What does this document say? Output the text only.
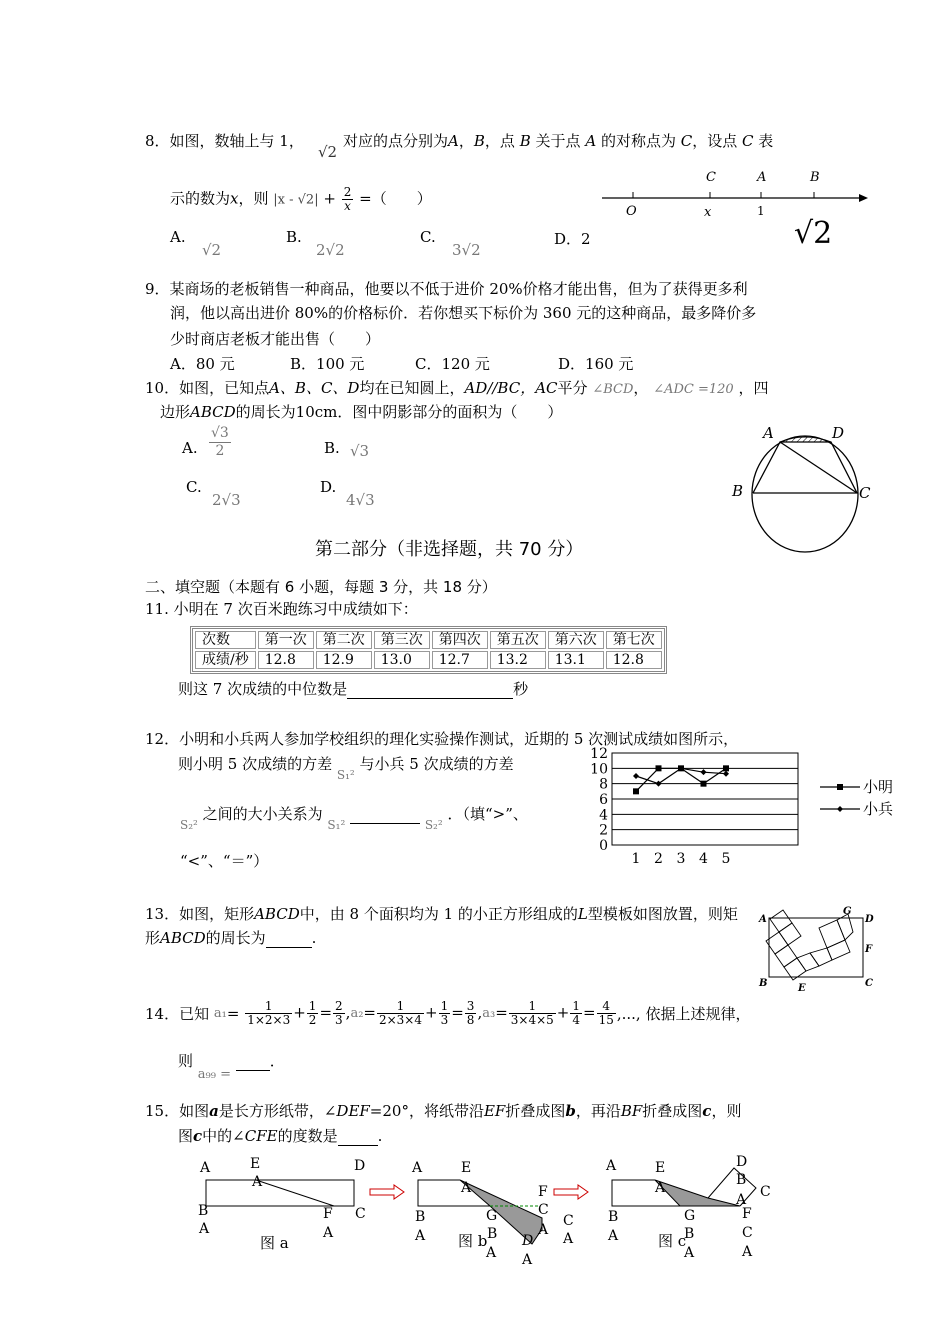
8．如图，数轴上与 1，
√2
对应的点分别为A，B，点 B 关于点 A 的对称点为 C，设点 C 表
示的数为x，则 $|x - √2| + \frac{2}{x}$ =（　　）
C	A	B
O	x	1
√2
A.
√2
B.
2√2
C.
3√2
D．2
9．某商场的老板销售一种商品，他要以不低于进价 20%价格才能出售，但为了获得更多利
润，他以高出进价 80%的价格标价．若你想买下标价为 360 元的这种商品，最多降价多
少时商店老板才能出售（　　）
A．80 元	B．100 元	C．120 元	D．160 元
10．如图，已知点A、B、C、D均在已知圆上，AD//BC，AC平分 ∠BCD， ∠ADC =120 ，四
边形ABCD的周长为10cm．图中阴影部分的面积为（　　）
A. $\frac{√3}{2}$	B. √3
C.
2√3
D.
4√3
A	D
B	C
第二部分（非选择题，共 70 分）
二、填空题（本题有 6 小题，每题 3 分，共 18 分）
11. 小明在 7 次百米跑练习中成绩如下：
次数	第一次	第二次	第三次	第四次	第五次	第六次	第七次
成绩/秒	12.8	12.9	13.0	12.7	13.2	13.1	12.8
则这 7 次成绩的中位数是	秒
12．小明和小兵两人参加学校组织的理化实验操作测试，近期的 5 次测试成绩如图所示，
则小明 5 次成绩的方差 $_{S_1^2}$ 与小兵 5 次成绩的方差
$_{S_2^2}$ 之间的大小关系为 $_{S_1^2}$	$_{S_2^2}$ ．（填“>”、
“<”、“＝”）
0
2
4
6
8
10
12
1 2 3 4 5
小明
小兵
13．如图，矩形ABCD中，由 8 个面积均为 1 的小正方形组成的L型模板如图放置，则矩
形ABCD的周长为	.
A
G
D
F
B	E	C
14．已知 $a_1= \frac{1}{1\times 2\times 3} + \frac{1}{2} = \frac{2}{3} ,a_2= \frac{1}{2\times 3\times 4} + \frac{1}{3} = \frac{3}{8} ,a_3= \frac{1}{3\times 4\times 5} + \frac{1}{4} = \frac{4}{15}$ ,..., 依据上述规律，
则 a₉₉ =  ．
15．如图a是长方形纸带，∠DEF=20°，将纸带沿EF折叠成图b，再沿BF折叠成图c，则
图c中的∠CFE的度数是	.
A	E
A
D
B
A
F
A
C
图 a
A	E
A	F
B
A
G
B
A
C
A
C
A
D
A
图 b
A	E
A
D
B
A C
B
A
G
B
A
F
C
A
图 c
